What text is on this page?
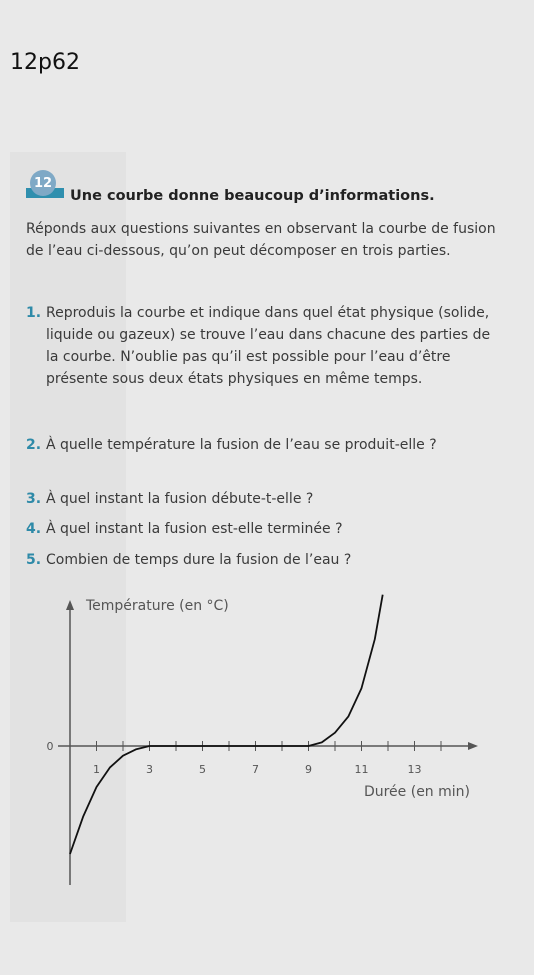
12p62
12
Une courbe donne beaucoup d’informations.
Réponds aux questions suivantes en observant la courbe de fusion de l’eau ci-dessous, qu’on peut décomposer en trois parties.
1. Reproduis la courbe et indique dans quel état physique (solide, liquide ou gazeux) se trouve l’eau dans chacune des parties de la courbe. N’oublie pas qu’il est possible pour l’eau d’être présente sous deux états physiques en même temps.
2. À quelle température la fusion de l’eau se produit-elle ?
3. À quel instant la fusion débute-t-elle ?
4. À quel instant la fusion est-elle terminée ?
5. Combien de temps dure la fusion de l’eau ?
1	3	5	7	9	11	13
0
Température (en °C)
Durée (en min)
